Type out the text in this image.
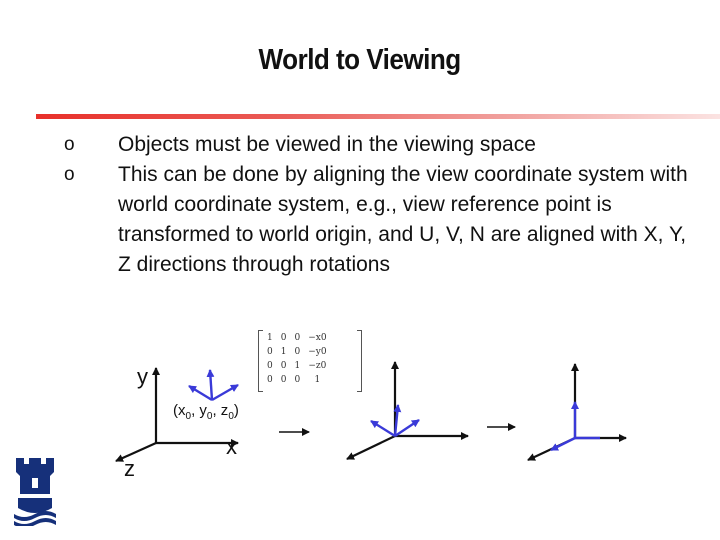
World to Viewing
o Objects must be viewed in the viewing space
o This can be done by aligning the view coordinate system with world coordinate system, e.g., view reference point is transformed to world origin, and U, V, N are aligned with X, Y, Z directions through rotations
y
x
z
($x_0$, $y_0$, $z_0$)
1	0	0	−x0
0	1	0	−y0
0	0	1	−z0
0	0	0	1
